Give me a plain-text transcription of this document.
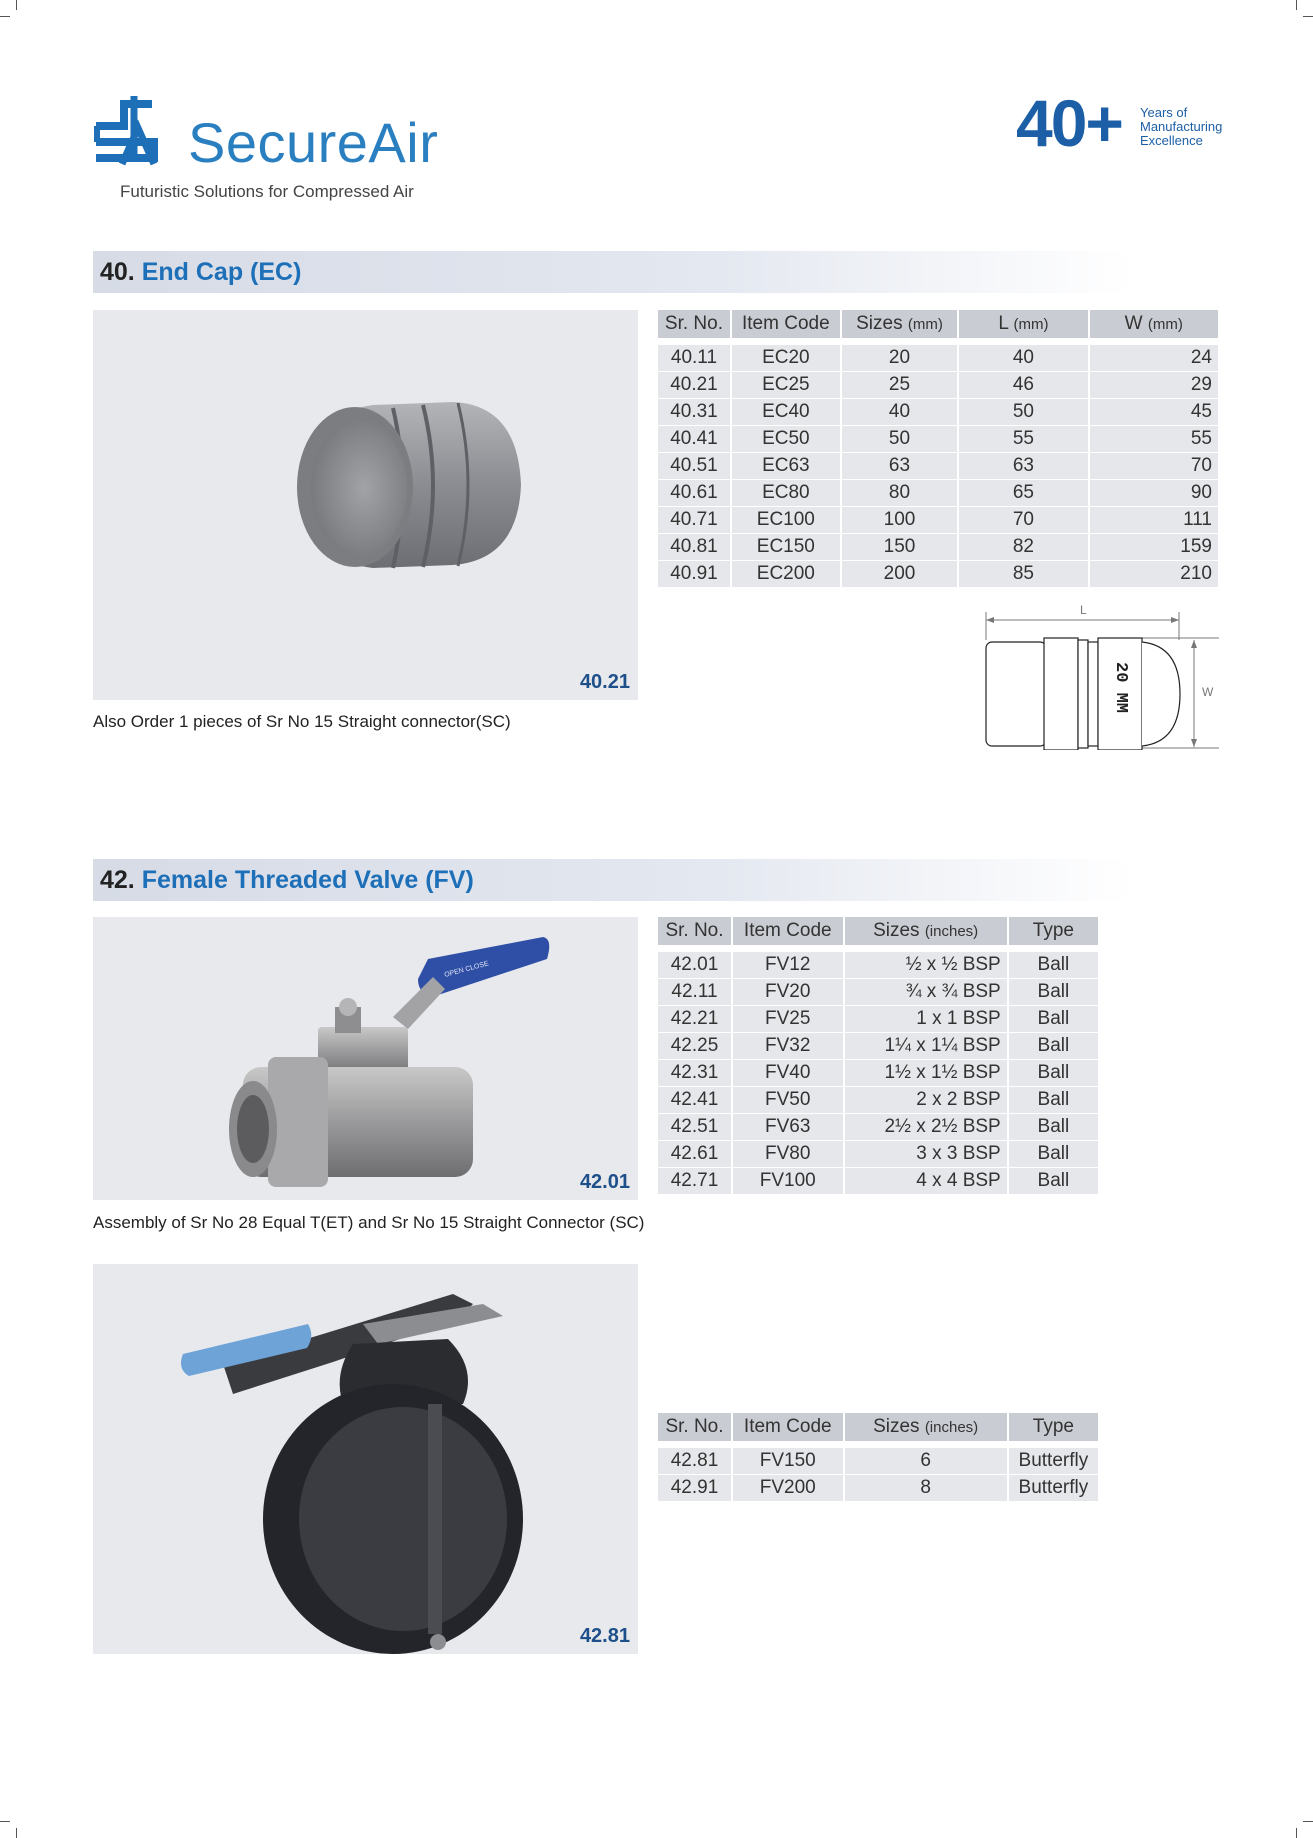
SecureAir
Futuristic Solutions for Compressed Air
40+ Years of
Manufacturing
Excellence
40. End Cap (EC)
40.21
Also Order 1 pieces of Sr No 15 Straight connector(SC)
Sr. No.	Item Code	Sizes (mm)	L (mm)	W (mm)

40.11	EC20	20	40	24
40.21	EC25	25	46	29
40.31	EC40	40	50	45
40.41	EC50	50	55	55
40.51	EC63	63	63	70
40.61	EC80	80	65	90
40.71	EC100	100	70	111
40.81	EC150	150	82	159
40.91	EC200	200	85	210
L
W
20 MM
42. Female Threaded Valve (FV)
OPEN CLOSE
42.01
Assembly of Sr No 28 Equal T(ET) and Sr No 15 Straight Connector (SC)
Sr. No.	Item Code	Sizes (inches)	Type

42.01	FV12	½ x ½ BSP	Ball
42.11	FV20	¾ x ¾ BSP	Ball
42.21	FV25	1 x 1 BSP	Ball
42.25	FV32	1¼ x 1¼ BSP	Ball
42.31	FV40	1½ x 1½ BSP	Ball
42.41	FV50	2 x 2 BSP	Ball
42.51	FV63	2½ x 2½ BSP	Ball
42.61	FV80	3 x 3 BSP	Ball
42.71	FV100	4 x 4 BSP	Ball
42.81
Sr. No.	Item Code	Sizes (inches)	Type

42.81	FV150	6	Butterfly
42.91	FV200	8	Butterfly
